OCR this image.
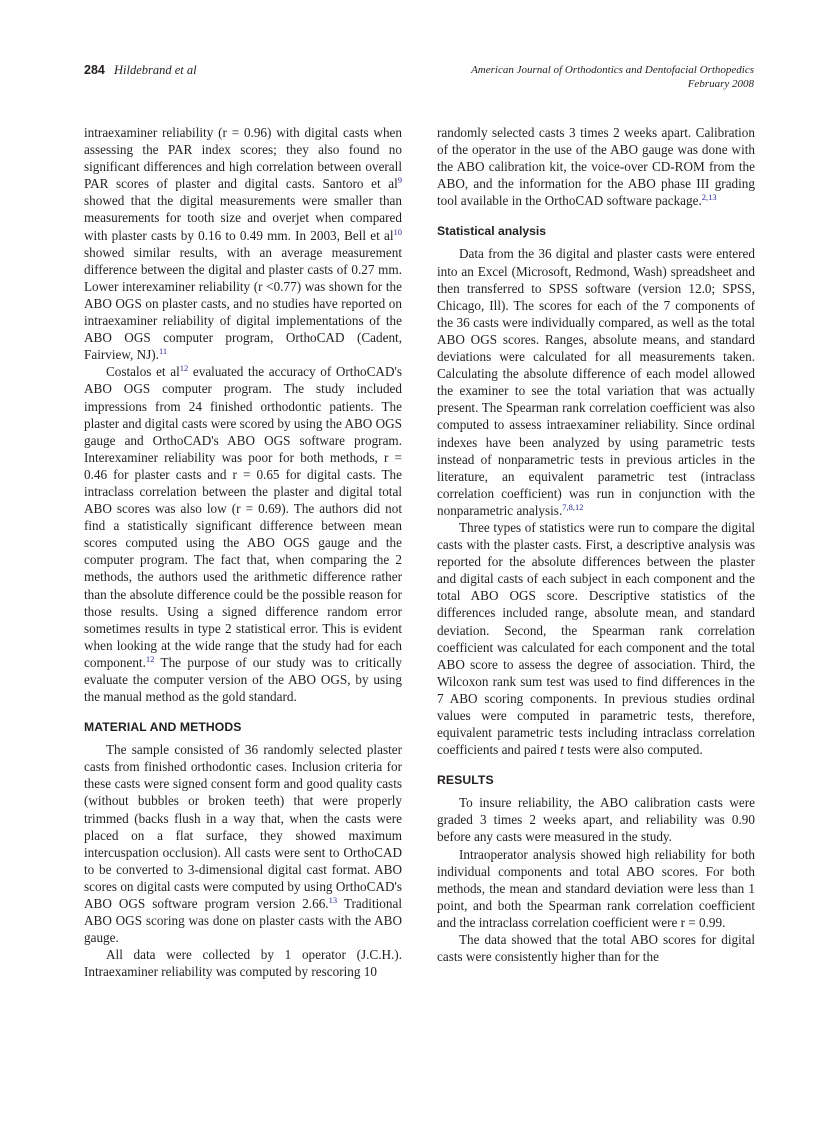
284 Hildebrand et al	American Journal of Orthodontics and Dentofacial Orthopedics
February 2008

intraexaminer reliability (r = 0.96) with digital casts when assessing the PAR index scores; they also found no significant differences and high correlation between overall PAR scores of plaster and digital casts. Santoro et $al^9$ showed that the digital measurements were smaller than measurements for tooth size and overjet when compared with plaster casts by 0.16 to 0.49 mm. In 2003, Bell et $al^{10}$ showed similar results, with an average measurement difference between the digital and plaster casts of 0.27 mm. Lower interexaminer reliability (r <0.77) was shown for the ABO OGS on plaster casts, and no studies have reported on intraexaminer reliability of digital implementations of the ABO OGS computer program, OrthoCAD (Cadent, Fairview, NJ).$^{11}$

Costalos et $al^{12}$ evaluated the accuracy of OrthoCAD's ABO OGS computer program. The study included impressions from 24 finished orthodontic patients. The plaster and digital casts were scored by using the ABO OGS gauge and OrthoCAD's ABO OGS software program. Interexaminer reliability was poor for both methods, r = 0.46 for plaster casts and r = 0.65 for digital casts. The intraclass correlation between the plaster and digital total ABO scores was also low (r = 0.69). The authors did not find a statistically significant difference between mean scores computed using the ABO OGS gauge and the computer program. The fact that, when comparing the 2 methods, the authors used the arithmetic difference rather than the absolute difference could be the possible reason for those results. Using a signed difference random error sometimes results in type 2 statistical error. This is evident when looking at the wide range that the study had for each component.$^{12}$ The purpose of our study was to critically evaluate the computer version of the ABO OGS, by using the manual method as the gold standard.

MATERIAL AND METHODS

The sample consisted of 36 randomly selected plaster casts from finished orthodontic cases. Inclusion criteria for these casts were signed consent form and good quality casts (without bubbles or broken teeth) that were properly trimmed (backs flush in a way that, when the casts were placed on a flat surface, they showed maximum intercuspation occlusion). All casts were sent to OrthoCAD to be converted to 3-dimensional digital cast format. ABO scores on digital casts were computed by using OrthoCAD's ABO OGS software program version 2.66.13 Traditional ABO OGS scoring was done on plaster casts with the ABO gauge.

All data were collected by 1 operator (J.C.H.). Intraexaminer reliability was computed by rescoring 10

randomly selected casts 3 times 2 weeks apart. Calibration of the operator in the use of the ABO gauge was done with the ABO calibration kit, the voice-over CD-ROM from the ABO, and the information for the ABO phase III grading tool available in the OrthoCAD software package.$^{2,13}$

Statistical analysis

Data from the 36 digital and plaster casts were entered into an Excel (Microsoft, Redmond, Wash) spreadsheet and then transferred to SPSS software (version 12.0; SPSS, Chicago, Ill). The scores for each of the 7 components of the 36 casts were individually compared, as well as the total ABO OGS scores. Ranges, absolute means, and standard deviations were calculated for all measurements taken. Calculating the absolute difference of each model allowed the examiner to see the total variation that was actually present. The Spearman rank correlation coefficient was also computed to assess intraexaminer reliability. Since ordinal indexes have been analyzed by using parametric tests instead of nonparametric tests in previous articles in the literature, an equivalent parametric test (intraclass correlation coefficient) was run in conjunction with the nonparametric analysis.$^{7,8,12}$

Three types of statistics were run to compare the digital casts with the plaster casts. First, a descriptive analysis was reported for the absolute differences between the plaster and digital casts of each subject in each component and the total ABO OGS score. Descriptive statistics of the differences included range, absolute mean, and standard deviation. Second, the Spearman rank correlation coefficient was calculated for each component and the total ABO score to assess the degree of association. Third, the Wilcoxon rank sum test was used to find differences in the 7 ABO scoring components. In previous studies ordinal values were computed in parametric tests, therefore, equivalent parametric tests including intraclass correlation coefficients and paired t tests were also computed.

RESULTS

To insure reliability, the ABO calibration casts were graded 3 times 2 weeks apart, and reliability was 0.90 before any casts were measured in the study.

Intraoperator analysis showed high reliability for both individual components and total ABO scores. For both methods, the mean and standard deviation were less than 1 point, and both the Spearman rank correlation coefficient and the intraclass correlation coefficient were r = 0.99.

The data showed that the total ABO scores for digital casts were consistently higher than for the
